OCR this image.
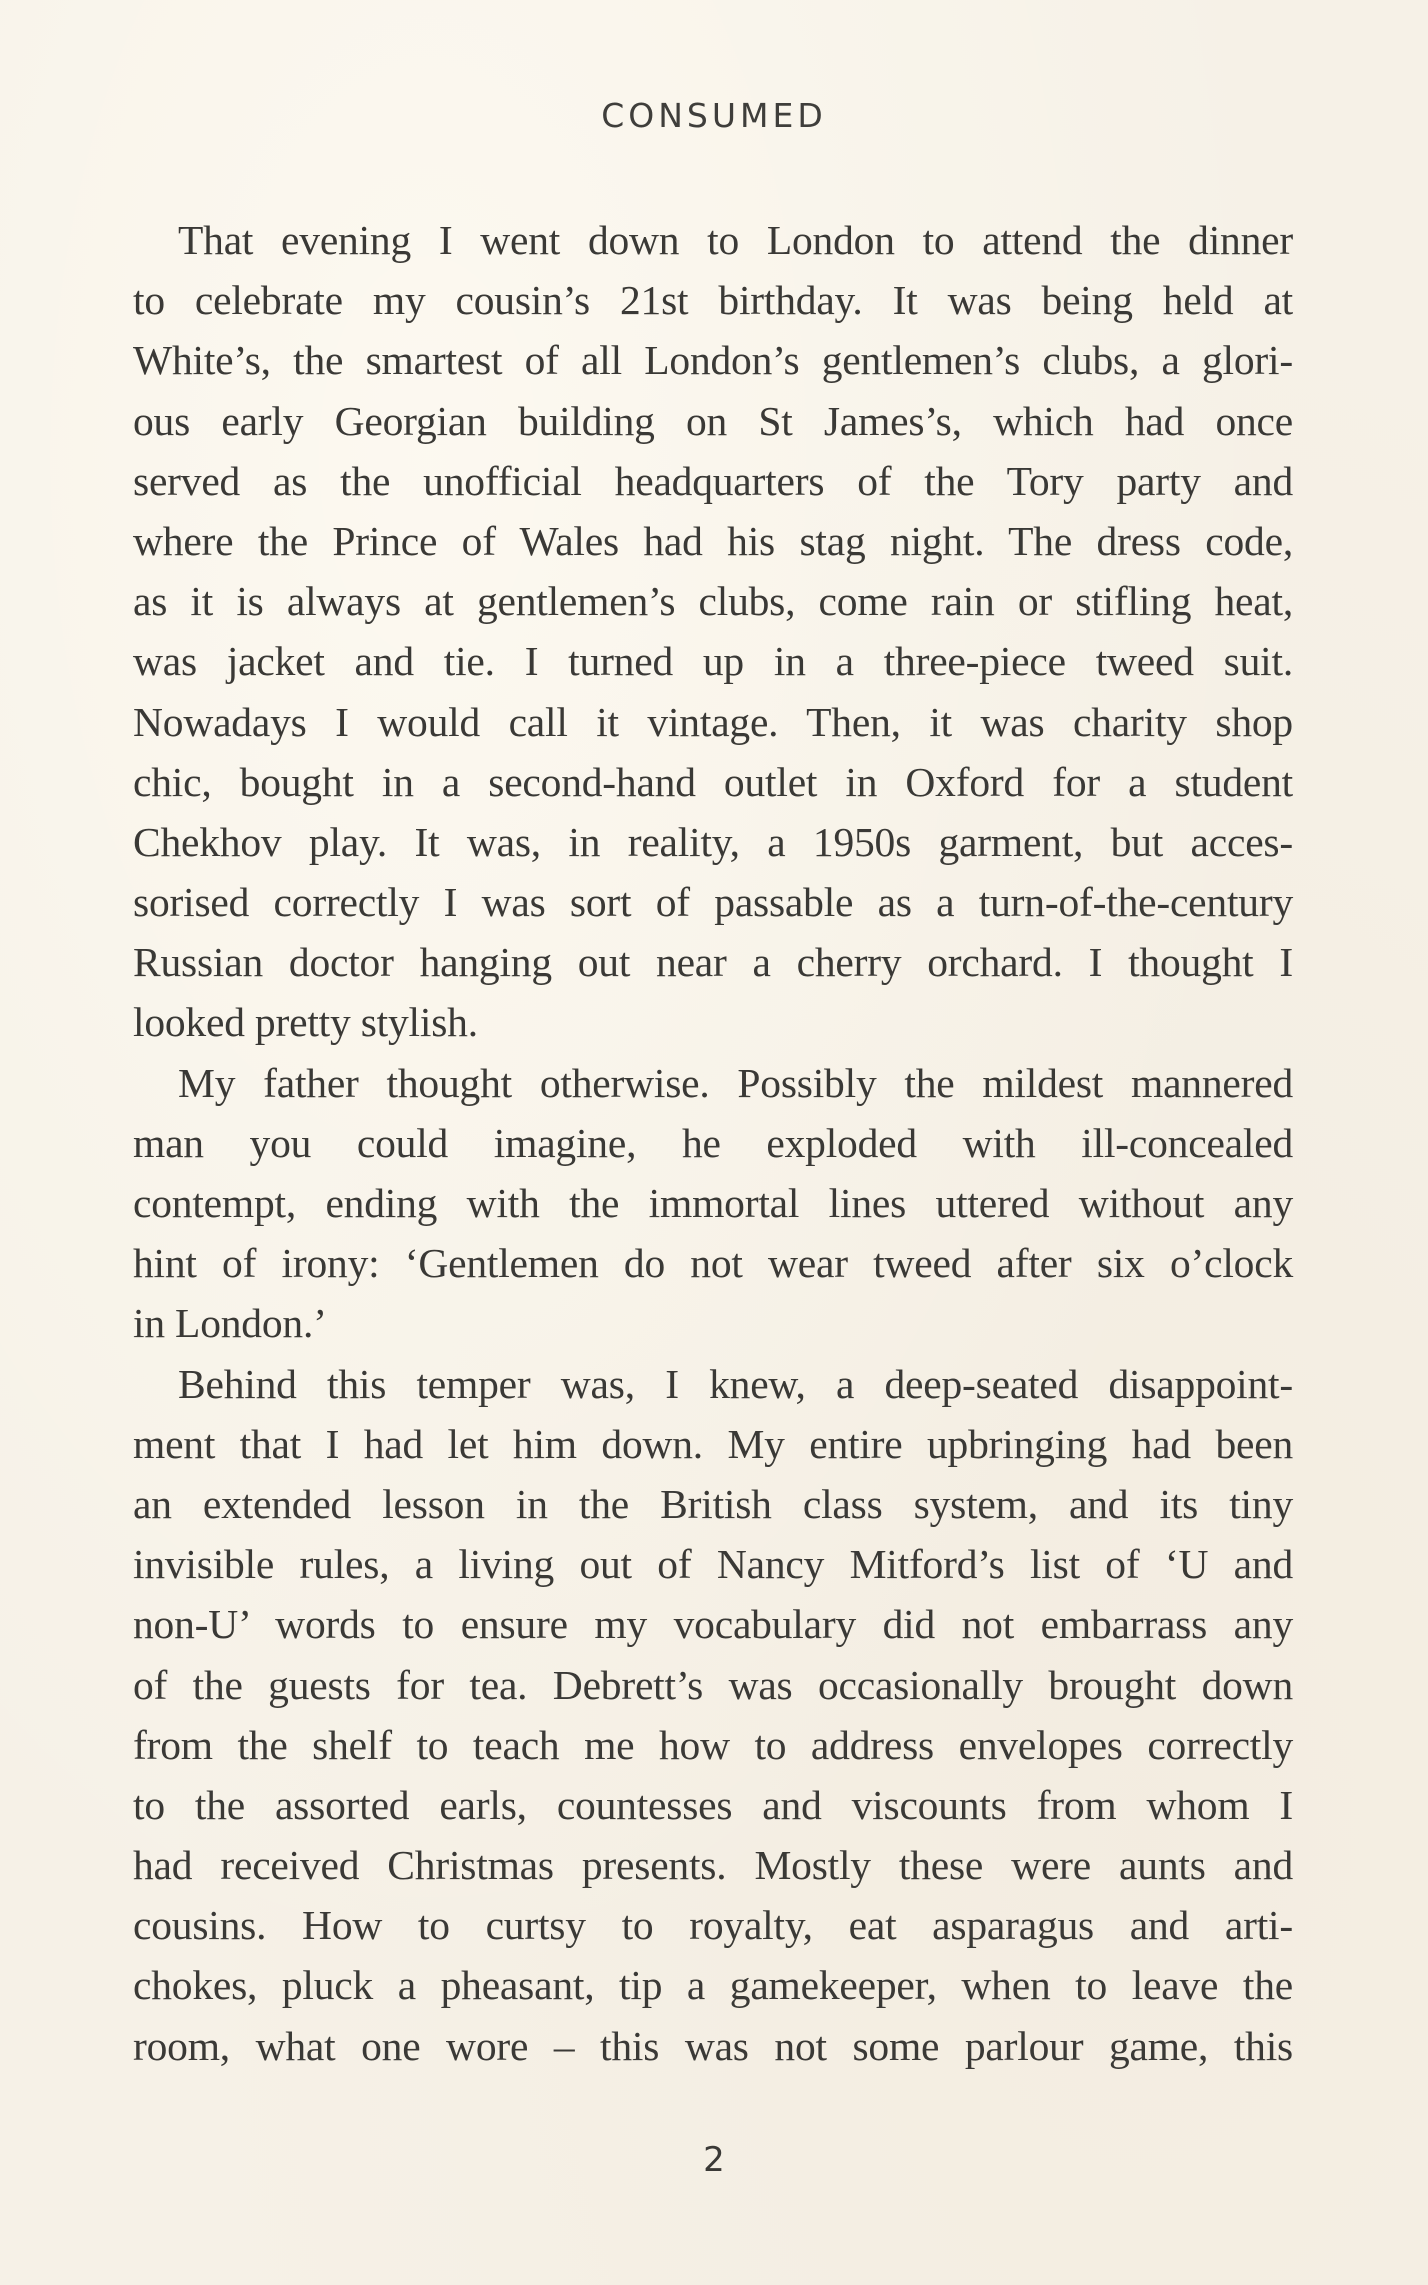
CONSUMED
That evening I went down to London to attend the dinner
to celebrate my cousin’s 21st birthday. It was being held at
White’s, the smartest of all London’s gentlemen’s clubs, a glori-
ous early Georgian building on St James’s, which had once
served as the unofficial headquarters of the Tory party and
where the Prince of Wales had his stag night. The dress code,
as it is always at gentlemen’s clubs, come rain or stifling heat,
was jacket and tie. I turned up in a three-piece tweed suit.
Nowadays I would call it vintage. Then, it was charity shop
chic, bought in a second-hand outlet in Oxford for a student
Chekhov play. It was, in reality, a 1950s garment, but acces-
sorised correctly I was sort of passable as a turn-of-the-century
Russian doctor hanging out near a cherry orchard. I thought I
looked pretty stylish.
My father thought otherwise. Possibly the mildest mannered
man you could imagine, he exploded with ill-concealed
contempt, ending with the immortal lines uttered without any
hint of irony: ‘Gentlemen do not wear tweed after six o’clock
in London.’
Behind this temper was, I knew, a deep-seated disappoint-
ment that I had let him down. My entire upbringing had been
an extended lesson in the British class system, and its tiny
invisible rules, a living out of Nancy Mitford’s list of ‘U and
non-U’ words to ensure my vocabulary did not embarrass any
of the guests for tea. Debrett’s was occasionally brought down
from the shelf to teach me how to address envelopes correctly
to the assorted earls, countesses and viscounts from whom I
had received Christmas presents. Mostly these were aunts and
cousins. How to curtsy to royalty, eat asparagus and arti-
chokes, pluck a pheasant, tip a gamekeeper, when to leave the
room, what one wore – this was not some parlour game, this
2
